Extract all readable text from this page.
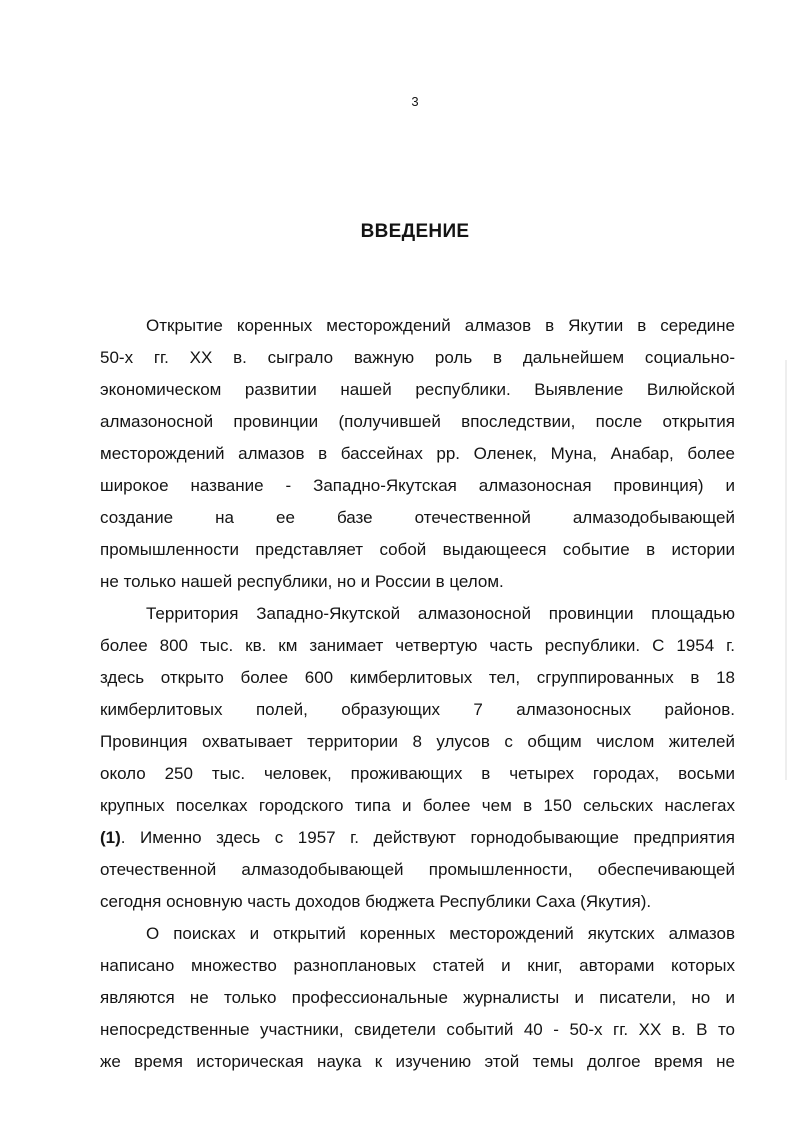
3
ВВЕДЕНИЕ
Открытие коренных месторождений алмазов в Якутии в середине
50-х гг. XX в. сыграло важную роль в дальнейшем социально-
экономическом развитии нашей республики. Выявление Вилюйской
алмазоносной провинции (получившей впоследствии, после открытия
месторождений алмазов в бассейнах рр. Оленек, Муна, Анабар, более
широкое название - Западно-Якутская алмазоносная провинция) и
создание на ее базе отечественной алмазодобывающей
промышленности представляет собой выдающееся событие в истории
не только нашей республики, но и России в целом.
Территория Западно-Якутской алмазоносной провинции площадью
более 800 тыс. кв. км занимает четвертую часть республики. С 1954 г.
здесь открыто более 600 кимберлитовых тел, сгруппированных в 18
кимберлитовых полей, образующих 7 алмазоносных районов.
Провинция охватывает территории 8 улусов с общим числом жителей
около 250 тыс. человек, проживающих в четырех городах, восьми
крупных поселках городского типа и более чем в 150 сельских наслегах
(1). Именно здесь с 1957 г. действуют горнодобывающие предприятия
отечественной алмазодобывающей промышленности, обеспечивающей
сегодня основную часть доходов бюджета Республики Саха (Якутия).
О поисках и открытий коренных месторождений якутских алмазов
написано множество разноплановых статей и книг, авторами которых
являются не только профессиональные журналисты и писатели, но и
непосредственные участники, свидетели событий 40 - 50-х гг. XX в. В то
же время историческая наука к изучению этой темы долгое время не
